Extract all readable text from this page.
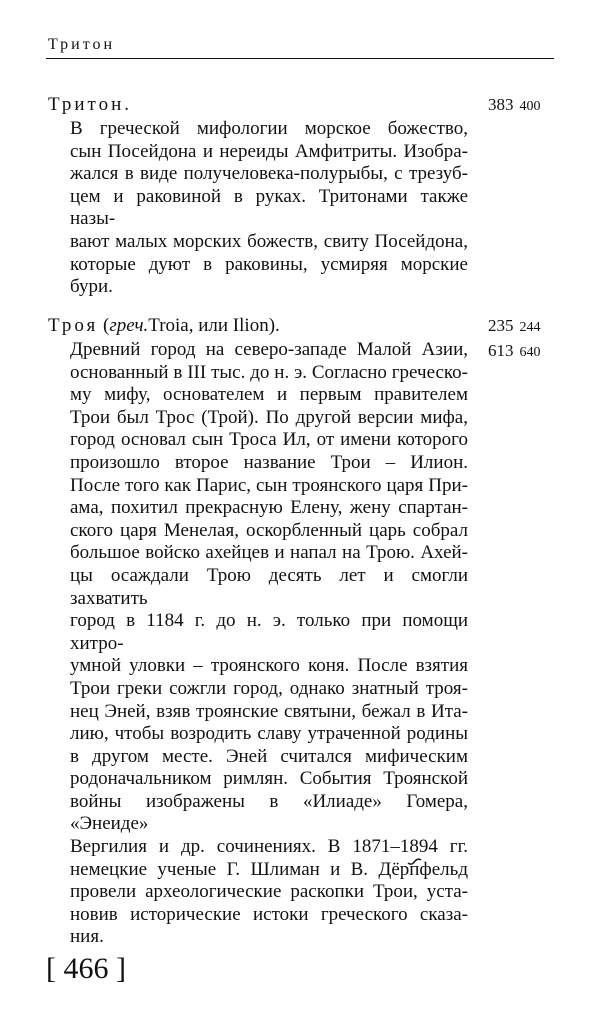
Тритон
Тритон.
В греческой мифологии морское божество,
сын Посейдона и нереиды Амфитриты. Изобра-
жался в виде получеловека-полурыбы, с трезуб-
цем и раковиной в руках. Тритонами также назы-
вают малых морских божеств, свиту Посейдона,
которые дуют в раковины, усмиряя морские
бури.
383 400
Троя (греч.Troia, или Ilion).
Древний город на северо-западе Малой Азии,
основанный в III тыс. до н. э. Согласно греческо-
му мифу, основателем и первым правителем
Трои был Трос (Трой). По другой версии мифа,
город основал сын Троса Ил, от имени которого
произошло второе название Трои – Илион.
После того как Парис, сын троянского царя При-
ама, похитил прекрасную Елену, жену спартан-
ского царя Менелая, оскорбленный царь собрал
большое войско ахейцев и напал на Трою. Ахей-
цы осаждали Трою десять лет и смогли захватить
город в 1184 г. до н. э. только при помощи хитро-
умной уловки – троянского коня. После взятия
Трои греки сожгли город, однако знатный троя-
нец Эней, взяв троянские святыни, бежал в Ита-
лию, чтобы возродить славу утраченной родины
в другом месте. Эней считался мифическим
родоначальником римлян. События Троянской
войны изображены в «Илиаде» Гомера, «Энеиде»
Вергилия и др. сочинениях. В 1871–1894 гг.
немецкие ученые Г. Шлиман и В. Дёрпфельд
провели археологические раскопки Трои, уста-
новив исторические истоки греческого сказа-
ния.
235 244
613 640
[ 466 ]
